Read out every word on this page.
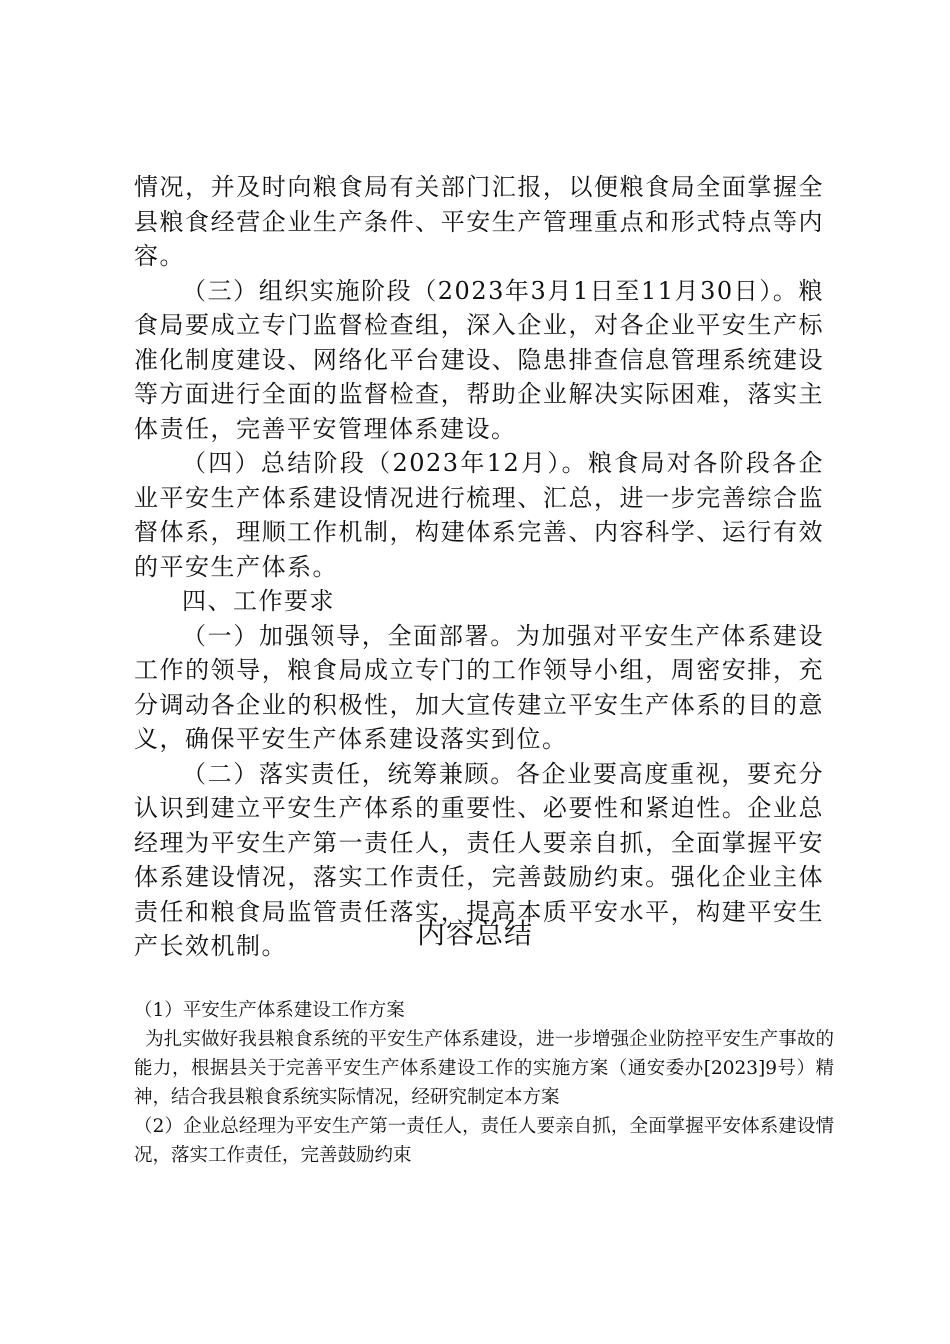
情况，并及时向粮食局有关部门汇报，以便粮食局全面掌握全县粮食经营企业生产条件、平安生产管理重点和形式特点等内容。

（三）组织实施阶段（2023年3月1日至11月30日）。粮食局要成立专门监督检查组，深入企业，对各企业平安生产标准化制度建设、网络化平台建设、隐患排查信息管理系统建设等方面进行全面的监督检查，帮助企业解决实际困难，落实主体责任，完善平安管理体系建设。

（四）总结阶段（2023年12月）。粮食局对各阶段各企业平安生产体系建设情况进行梳理、汇总，进一步完善综合监督体系，理顺工作机制，构建体系完善、内容科学、运行有效的平安生产体系。

四、工作要求

（一）加强领导，全面部署。为加强对平安生产体系建设工作的领导，粮食局成立专门的工作领导小组，周密安排，充分调动各企业的积极性，加大宣传建立平安生产体系的目的意义，确保平安生产体系建设落实到位。

（二）落实责任，统筹兼顾。各企业要高度重视，要充分认识到建立平安生产体系的重要性、必要性和紧迫性。企业总经理为平安生产第一责任人，责任人要亲自抓，全面掌握平安体系建设情况，落实工作责任，完善鼓励约束。强化企业主体责任和粮食局监管责任落实，提高本质平安水平，构建平安生产长效机制。	内容总结

（1）平安生产体系建设工作方案

为扎实做好我县粮食系统的平安生产体系建设，进一步增强企业防控平安生产事故的能力，根据县关于完善平安生产体系建设工作的实施方案（通安委办[2023]9号）精神，结合我县粮食系统实际情况，经研究制定本方案

（2）企业总经理为平安生产第一责任人，责任人要亲自抓，全面掌握平安体系建设情况，落实工作责任，完善鼓励约束
